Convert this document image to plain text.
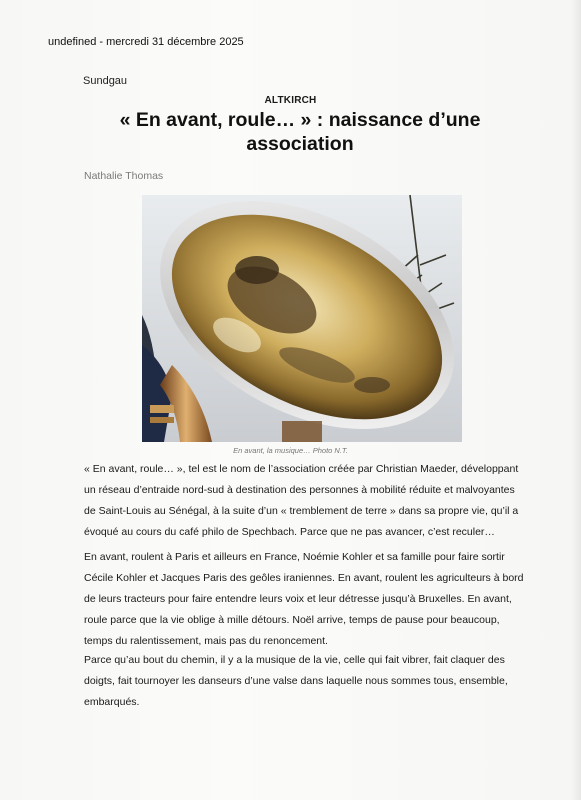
undefined - mercredi 31 décembre 2025
Sundgau
ALTKIRCH
« En avant, roule… » : naissance d’une association
Nathalie Thomas
En avant, la musique… Photo N.T.

« En avant, roule… », tel est le nom de l’association créée par Christian Maeder, développant un réseau d’entraide nord-sud à destination des personnes à mobilité réduite et malvoyantes de Saint-Louis au Sénégal, à la suite d’un « tremblement de terre » dans sa propre vie, qu’il a évoqué au cours du café philo de Spechbach. Parce que ne pas avancer, c’est reculer…

En avant, roulent à Paris et ailleurs en France, Noémie Kohler et sa famille pour faire sortir Cécile Kohler et Jacques Paris des geôles iraniennes. En avant, roulent les agriculteurs à bord de leurs tracteurs pour faire entendre leurs voix et leur détresse jusqu’à Bruxelles. En avant, roule parce que la vie oblige à mille détours. Noël arrive, temps de pause pour beaucoup, temps du ralentissement, mais pas du renoncement.

Parce qu’au bout du chemin, il y a la musique de la vie, celle qui fait vibrer, fait claquer des doigts, fait tournoyer les danseurs d’une valse dans laquelle nous sommes tous, ensemble, embarqués.
